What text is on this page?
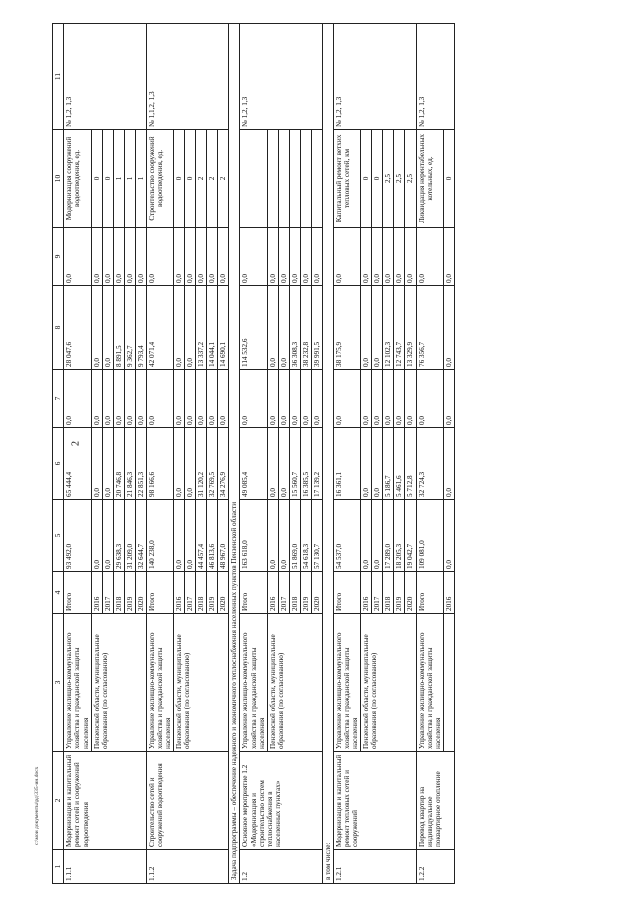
2
c:\мои документы\рд\335-ин.docx
1	2	3	4	5	6	7	8	9	10	11
1.1.1	Модернизация и капитальный ремонт сетей и сооружений водоотведения	Управление жилищно-коммунального хозяйства и гражданской защиты населения	Итого	93 492,0	65 444,4	0,0	28 047,6	0,0	Модернизация сооружений водоотведения, ед.	№ 1,2, 1,3
		Пензенской области, муниципальные образования (по согласованию)	2016	0,0	0,0	0,0	0,0	0,0	0	
			2017	0,0	0,0	0,0	0,0	0,0	0	
			2018	29 638,3	20 746,8	0,0	8 891,5	0,0	1	
			2019	31 209,0	21 846,3	0,0	9 362,7	0,0	1	
			2020	32 644,7	22 851,3	0,0	9 793,4	0,0	1	
1.1.2	Строительство сетей и сооружений водоотведения	Управление жилищно-коммунального хозяйства и гражданской защиты населения	Итого	140 238,0	98 166,6	0,0	42 071,4	0,0	Строительство сооружений водоотведения, ед.	№ 1,1,2, 1,3
		Пензенской области, муниципальные образования (по согласованию)	2016	0,0	0,0	0,0	0,0	0,0	0	
			2017	0,0	0,0	0,0	0,0	0,0	0	
			2018	44 457,4	31 120,2	0,0	13 337,2	0,0	2	
			2019	46 813,6	32 769,5	0,0	14 044,1	0,0	2	
			2020	48 967,0	34 276,9	0,0	14 690,1	0,0	2	
Задача подпрограммы – обеспечение надежного и экономичного теплоснабжения населенных пунктов Пензенской области										
1.2	Основное мероприятие 1.2 «Модернизация и строительство систем теплоснабжения в населенных пунктах»	Управление жилищно-коммунального хозяйства и гражданской защиты населения	Итого	163 618,0	49 085,4	0,0	114 532,6	0,0		№ 1,2, 1,3
		Пензенской области, муниципальные образования (по согласованию)	2016	0,0	0,0	0,0	0,0	0,0		
			2017	0,0	0,0	0,0	0,0	0,0		
			2018	51 869,0	15 560,7	0,0	36 308,3	0,0		
			2019	54 618,3	16 385,5	0,0	38 232,8	0,0		
			2020	57 130,7	17 139,2	0,0	39 991,5	0,0		
в том числе:										
1.2.1	Модернизация и капитальный ремонт тепловых сетей и сооружений	Управление жилищно-коммунального хозяйства и гражданской защиты населения	Итого	54 537,0	16 361,1	0,0	38 175,9	0,0	Капитальный ремонт ветхих тепловых сетей, км	№ 1,2, 1,3
		Пензенской области, муниципальные образования (по согласованию)	2016	0,0	0,0	0,0	0,0	0,0	0	
			2017	0,0	0,0	0,0	0,0	0,0	0	
			2018	17 289,0	5 186,7	0,0	12 102,3	0,0	2,5	
			2019	18 205,3	5 461,6	0,0	12 743,7	0,0	2,5	
			2020	19 042,7	5 712,8	0,0	13 329,9	0,0	2,5	
1.2.2	Перевод квартир на индивидуальное поквартирное отопление	Управление жилищно-коммунального хозяйства и гражданской защиты населения	Итого	109 081,0	32 724,3	0,0	76 356,7	0,0	Ликвидация нерентабельных котельных, ед.	№ 1,2, 1,3
			2016	0,0	0,0	0,0	0,0	0,0	0	
